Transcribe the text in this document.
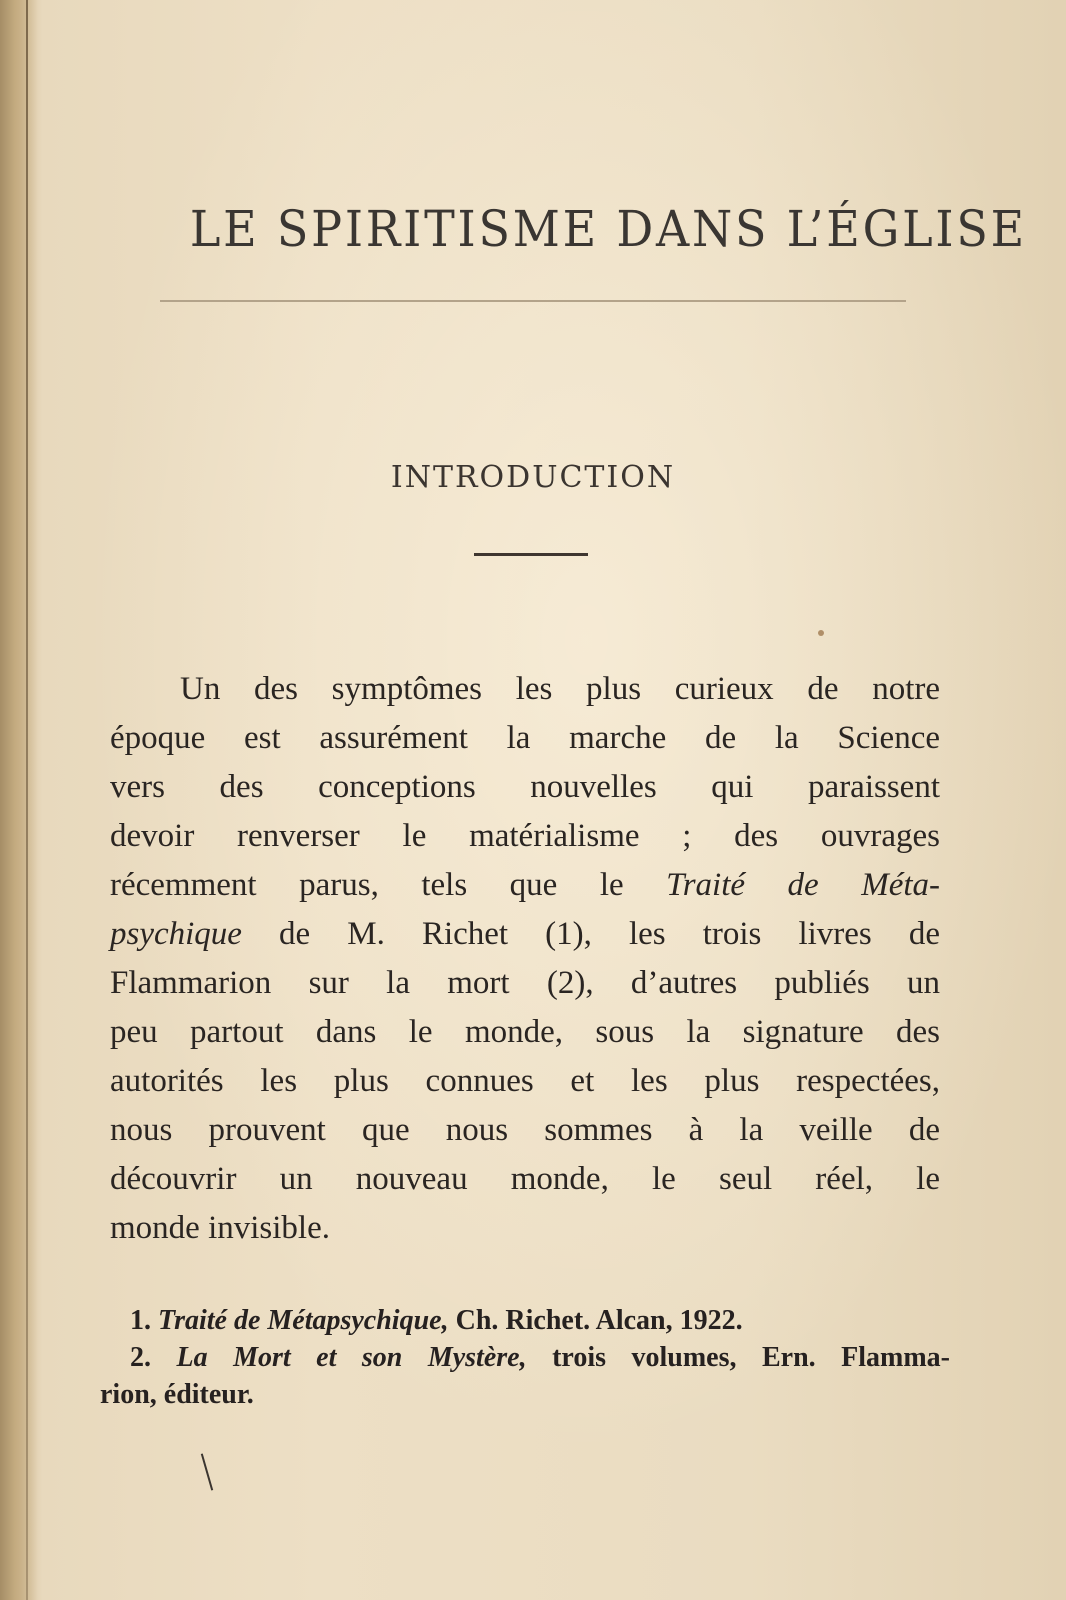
LE SPIRITISME DANS L’ÉGLISE
INTRODUCTION
Un des symptômes les plus curieux de notre
époque est assurément la marche de la Science
vers des conceptions nouvelles qui paraissent
devoir renverser le matérialisme ; des ouvrages
récemment parus, tels que le Traité de Méta-
psychique de M. Richet (1), les trois livres de
Flammarion sur la mort (2), d’autres publiés un
peu partout dans le monde, sous la signature des
autorités les plus connues et les plus respectées,
nous prouvent que nous sommes à la veille de
découvrir un nouveau monde, le seul réel, le
monde invisible.
1. Traité de Métapsychique, Ch. Richet. Alcan, 1922.
2. La Mort et son Mystère, trois volumes, Ern. Flamma-
rion, éditeur.
